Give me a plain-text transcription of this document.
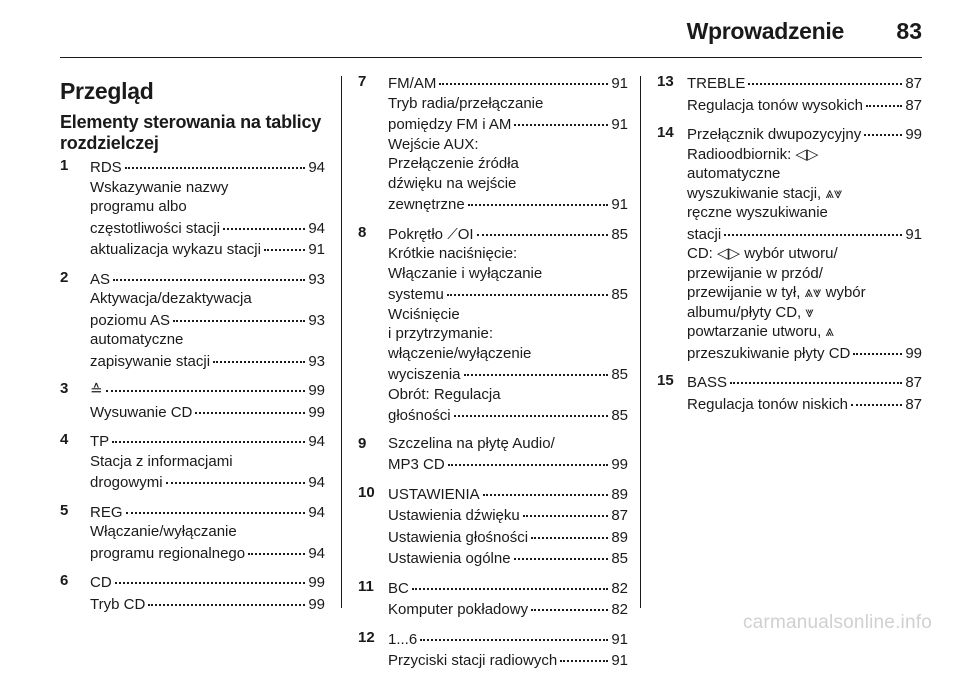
Wprowadzenie 83
Przegląd
Elementy sterowania na tablicy rozdzielczej
1 RDS	94
Wskazywanie nazwy
programu albo
częstotliwości stacji	94
aktualizacja wykazu stacji	91
2 AS	93
Aktywacja/dezaktywacja
poziomu AS	93
automatyczne
zapisywanie stacji	93
3 ≙	99
Wysuwanie CD	99
4 TP	94
Stacja z informacjami
drogowymi	94
5 REG	94
Włączanie/wyłączanie
programu regionalnego	94
6 CD	99
Tryb CD	99
7 FM/AM	91
Tryb radia/przełączanie
pomiędzy FM i AM	91
Wejście AUX:
Przełączenie źródła
dźwięku na wejście
zewnętrzne	91
8 Pokrętło ⟋OI	85
Krótkie naciśnięcie:
Włączanie i wyłączanie
systemu	85
Wciśnięcie
i przytrzymanie:
włączenie/wyłączenie
wyciszenia	85
Obrót: Regulacja
głośności	85
9 Szczelina na płytę Audio/
MP3 CD	99
10 USTAWIENIA	89
Ustawienia dźwięku	87
Ustawienia głośności	89
Ustawienia ogólne	85
11 BC	82
Komputer pokładowy	82
12 1...6	91
Przyciski stacji radiowych	91
13 TREBLE	87
Regulacja tonów wysokich	87
14 Przełącznik dwupozycyjny	99
Radioodbiornik: ◁▷
automatyczne
wyszukiwanie stacji, ⩓⩔
ręczne wyszukiwanie
stacji	91
CD: ◁▷ wybór utworu/
przewijanie w przód/
przewijanie w tył, ⩓⩔ wybór
albumu/płyty CD, ⩔
powtarzanie utworu, ⩓
przeszukiwanie płyty CD	99
15 BASS	87
Regulacja tonów niskich	87
carmanualsonline.info
